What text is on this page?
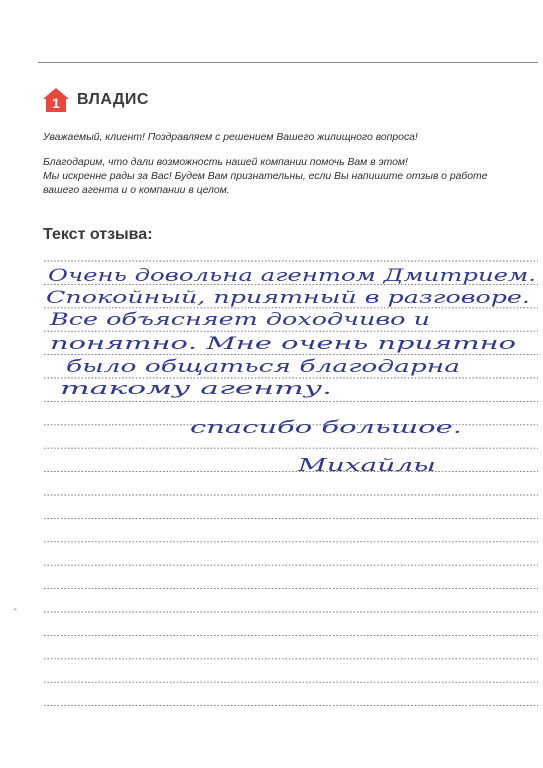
1 ВЛАДИС

Уважаемый, клиент! Поздравляем с решением Вашего жилищного вопроса!

Благодарим, что дали возможность нашей компании помочь Вам в этом!

Мы искренне рады за Вас! Будем Вам признательны, если Вы напишите отзыв о работе

вашего агента и о компании в целом.

Текст отзыва:
•
Очень довольна агентом Дмитрием.
Спокойный, приятный в разговоре.
Все объясняет доходчиво и
понятно. Мне очень приятно
было общаться благодарна
такому агенту.
спасибо большое.
Михайлы
